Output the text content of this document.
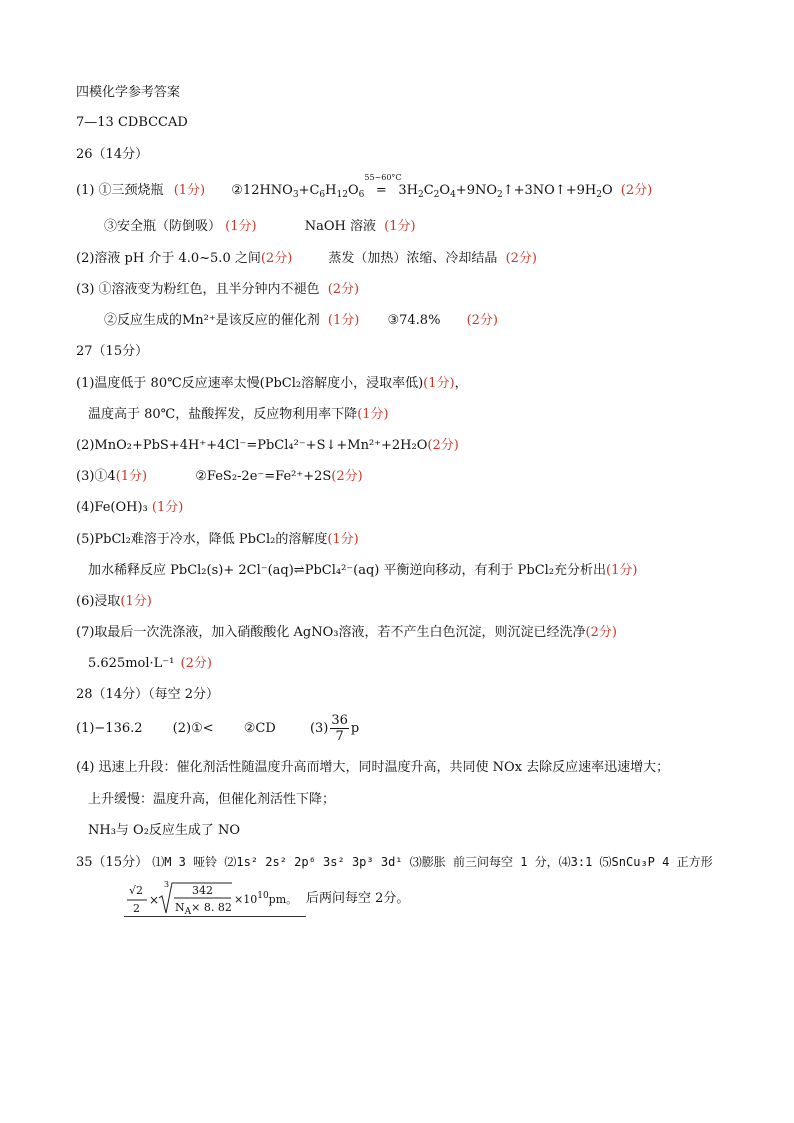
四模化学参考答案
7—13 CDBCCAD
26（14分）
(1) ①三颈烧瓶 (1分) $②12HNO_3+C_6H_{12}O_6$
55~60°C
= $3H_2C_2O_4+9NO_2↑+3NO↑+9H_2O$ (2分)
③安全瓶（防倒吸） (1分)	NaOH 溶液 (1分)
(2)溶液 pH 介于 4.0~5.0 之间(2分)	蒸发（加热）浓缩、冷却结晶 (2分)
(3) ①溶液变为粉红色，且半分钟内不褪色 (2分)
②反应生成的Mn²⁺是该反应的催化剂 (1分) ③74.8% (2分)
27（15分）
(1)温度低于 80℃反应速率太慢(PbCl₂溶解度小，浸取率低)(1分)，
温度高于 80℃，盐酸挥发，反应物利用率下降(1分)
(2)MnO₂+PbS+4H⁺+4Cl⁻=PbCl₄²⁻+S↓+Mn²⁺+2H₂O(2分)
(3)①4(1分)	②FeS₂-2e⁻=Fe²⁺+2S(2分)
(4)Fe(OH)₃ (1分)
(5)PbCl₂难溶于冷水，降低 PbCl₂的溶解度(1分)
加水稀释反应 PbCl₂(s)+ 2Cl⁻(aq)⇌PbCl₄²⁻(aq) 平衡逆向移动，有利于 PbCl₂充分析出(1分)
(6)浸取(1分)
(7)取最后一次洗涤液，加入硝酸酸化 AgNO₃溶液，若不产生白色沉淀，则沉淀已经洗净(2分)
5.625mol·L⁻¹ (2分)
28（14分）（每空 2分）
(1)−136.2 (2)①< ②CD	$(3) \frac{36}{7}$ p
(4) 迅速上升段：催化剂活性随温度升高而增大，同时温度升高，共同使 NOx 去除反应速率迅速增大；
上升缓慢：温度升高，但催化剂活性下降；
NH₃与 O₂反应生成了 NO
35（15分） ⑴M 3 哑铃 ⑵1s² 2s² 2p⁶ 3s² 3p³ 3d¹ ⑶膨胀 前三问每空 1 分，⑷3:1 ⑸SnCu₃P 4 正方形
√2
2
×
3 342
$N_A\times 8$. 82
$\times 10^{10}pm$。 后两问每空 2分。
